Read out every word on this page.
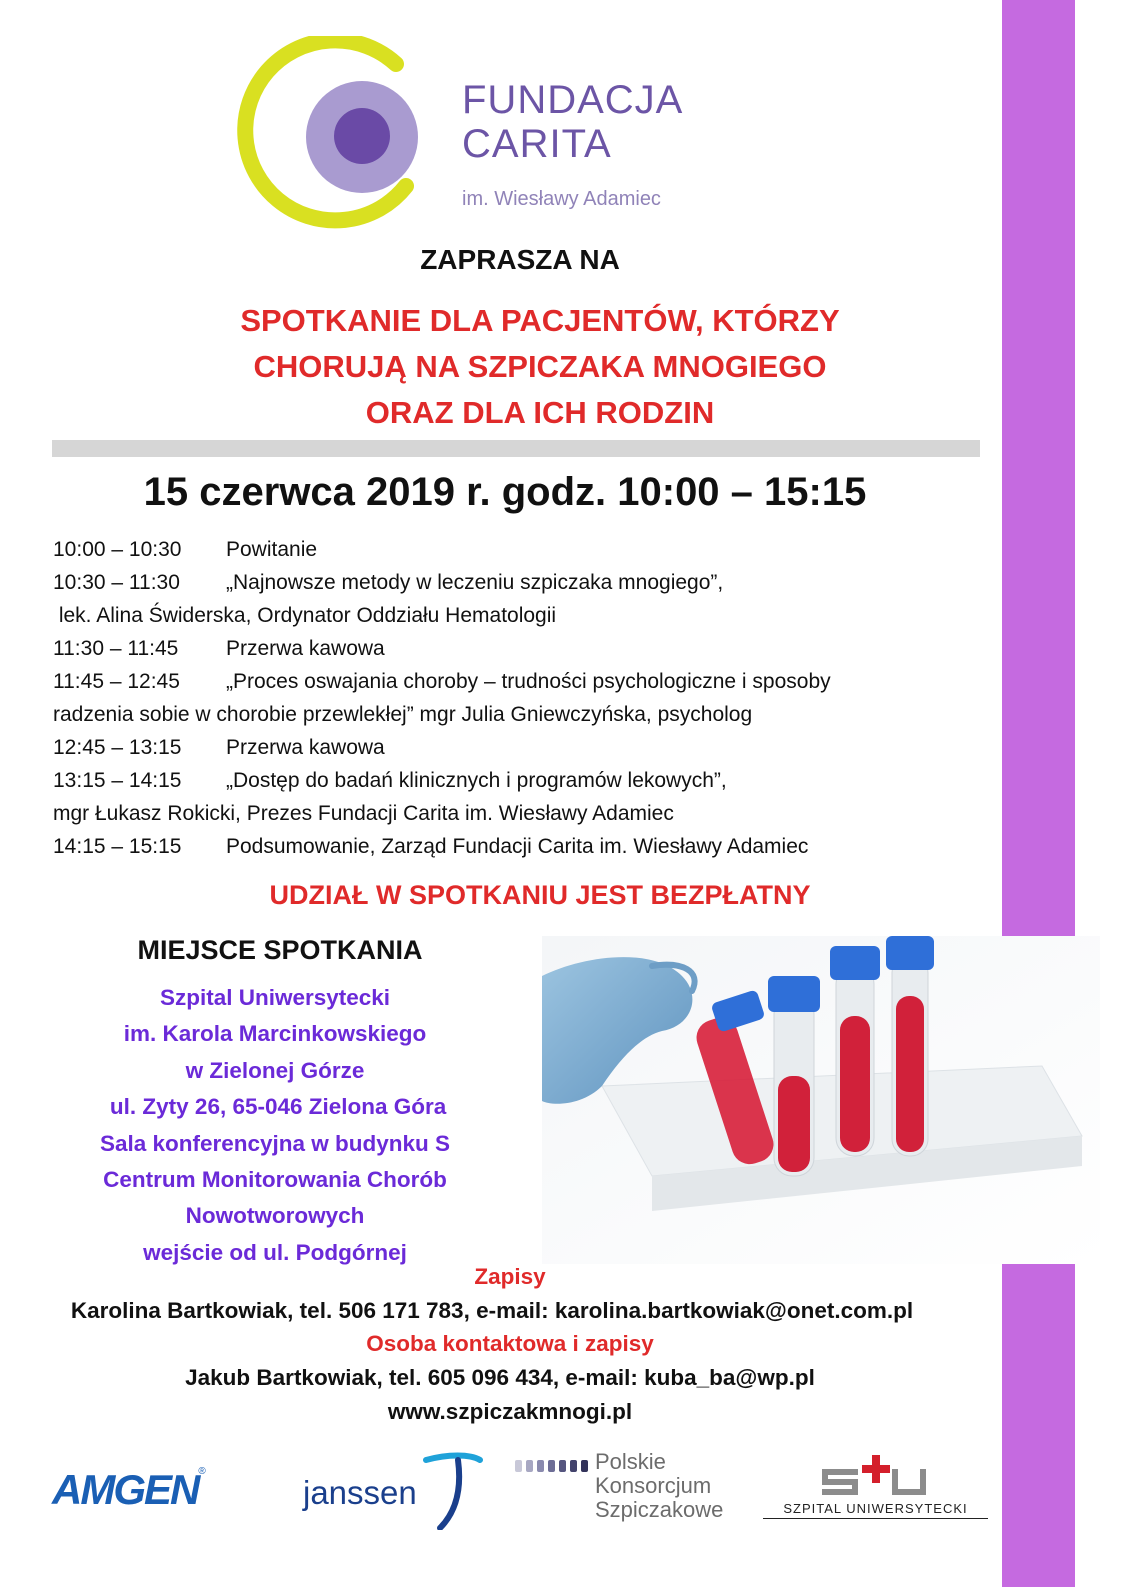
FUNDACJA
CARITA
im. Wiesławy Adamiec
ZAPRASZA NA
SPOTKANIE DLA PACJENTÓW, KTÓRZY
CHORUJĄ NA SZPICZAKA MNOGIEGO
ORAZ DLA ICH RODZIN
15 czerwca 2019 r. godz. 10:00 – 15:15
10:00 – 10:30 Powitanie
10:30 – 11:30 „Najnowsze metody w leczeniu szpiczaka mnogiego”,
lek. Alina Świderska, Ordynator Oddziału Hematologii
11:30 – 11:45 Przerwa kawowa
11:45 – 12:45 „Proces oswajania choroby – trudności psychologiczne i sposoby
radzenia sobie w chorobie przewlekłej” mgr Julia Gniewczyńska, psycholog
12:45 – 13:15 Przerwa kawowa
13:15 – 14:15 „Dostęp do badań klinicznych i programów lekowych”,
mgr Łukasz Rokicki, Prezes Fundacji Carita im. Wiesławy Adamiec
14:15 – 15:15 Podsumowanie, Zarząd Fundacji Carita im. Wiesławy Adamiec
UDZIAŁ W SPOTKANIU JEST BEZPŁATNY
MIEJSCE SPOTKANIA
Szpital Uniwersytecki
im. Karola Marcinkowskiego
w Zielonej Górze
ul. Zyty 26, 65-046 Zielona Góra
Sala konferencyjna w budynku S
Centrum Monitorowania Chorób
Nowotworowych
wejście od ul. Podgórnej
Zapisy
Karolina Bartkowiak, tel. 506 171 783, e-mail: karolina.bartkowiak@onet.com.pl
Osoba kontaktowa i zapisy
Jakub Bartkowiak, tel. 605 096 434, e-mail: kuba_ba@wp.pl
www.szpiczakmnogi.pl
AMGEN®
janssen
Polskie
Konsorcjum
Szpiczakowe	SZPITAL UNIWERSYTECKI
